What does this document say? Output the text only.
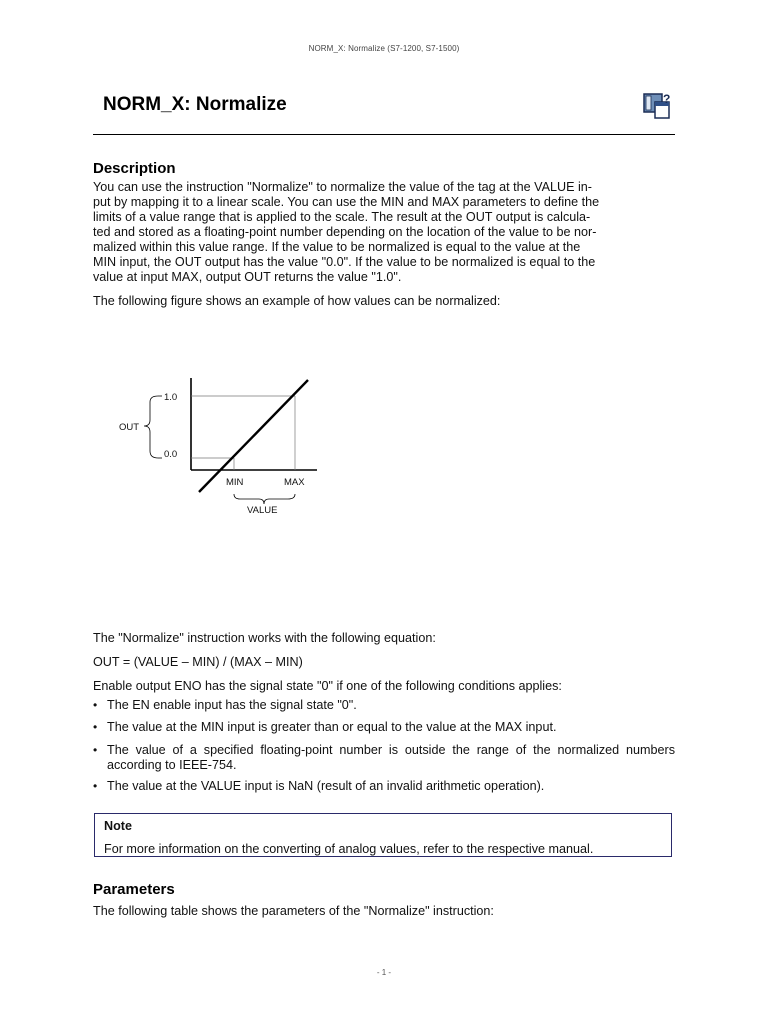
NORM_X: Normalize (S7-1200, S7-1500)
NORM_X: Normalize	?
Description
You can use the instruction "Normalize" to normalize the value of the tag at the VALUE in-
put by mapping it to a linear scale. You can use the MIN and MAX parameters to define the
limits of a value range that is applied to the scale. The result at the OUT output is calcula-
ted and stored as a floating-point number depending on the location of the value to be nor-
malized within this value range. If the value to be normalized is equal to the value at the
MIN input, the OUT output has the value "0.0". If the value to be normalized is equal to the
value at input MAX, output OUT returns the value "1.0".

The following figure shows an example of how values can be normalized:

1.0
0.0
OUT
MIN	MAX
VALUE

The "Normalize" instruction works with the following equation:

OUT = (VALUE – MIN) / (MAX – MIN)

Enable output ENO has the signal state "0" if one of the following conditions applies:

• The EN enable input has the signal state "0".
• The value at the MIN input is greater than or equal to the value at the MAX input.
• The value of a specified floating-point number is outside the range of the normalized numbers according to IEEE-754.
• The value at the VALUE input is NaN (result of an invalid arithmetic operation).
Note
For more information on the converting of analog values, refer to the respective manual.
Parameters

The following table shows the parameters of the "Normalize" instruction:

- 1 -
